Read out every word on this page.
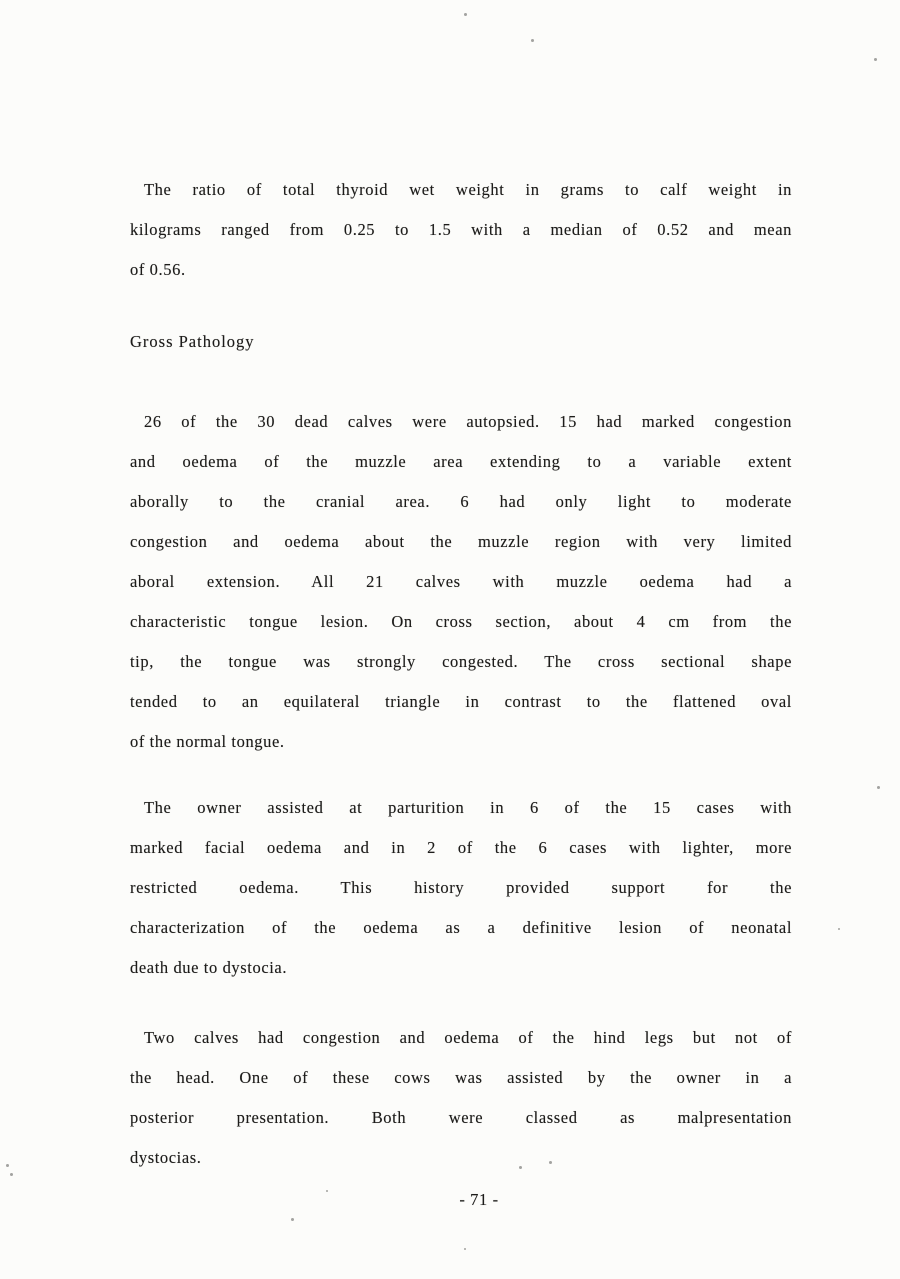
The ratio of total thyroid wet weight in grams to calf weight in
kilograms ranged from 0.25 to 1.5 with a median of 0.52 and mean
of 0.56.
Gross Pathology
26 of the 30 dead calves were autopsied. 15 had marked congestion
and oedema of the muzzle area extending to a variable extent
aborally to the cranial area. 6 had only light to moderate
congestion and oedema about the muzzle region with very limited
aboral extension. All 21 calves with muzzle oedema had a
characteristic tongue lesion. On cross section, about 4 cm from the
tip, the tongue was strongly congested. The cross sectional shape
tended to an equilateral triangle in contrast to the flattened oval
of the normal tongue.
The owner assisted at parturition in 6 of the 15 cases with
marked facial oedema and in 2 of the 6 cases with lighter, more
restricted oedema. This history provided support for the
characterization of the oedema as a definitive lesion of neonatal
death due to dystocia.
Two calves had congestion and oedema of the hind legs but not of
the head. One of these cows was assisted by the owner in a
posterior presentation. Both were classed as malpresentation
dystocias.
- 71 -
